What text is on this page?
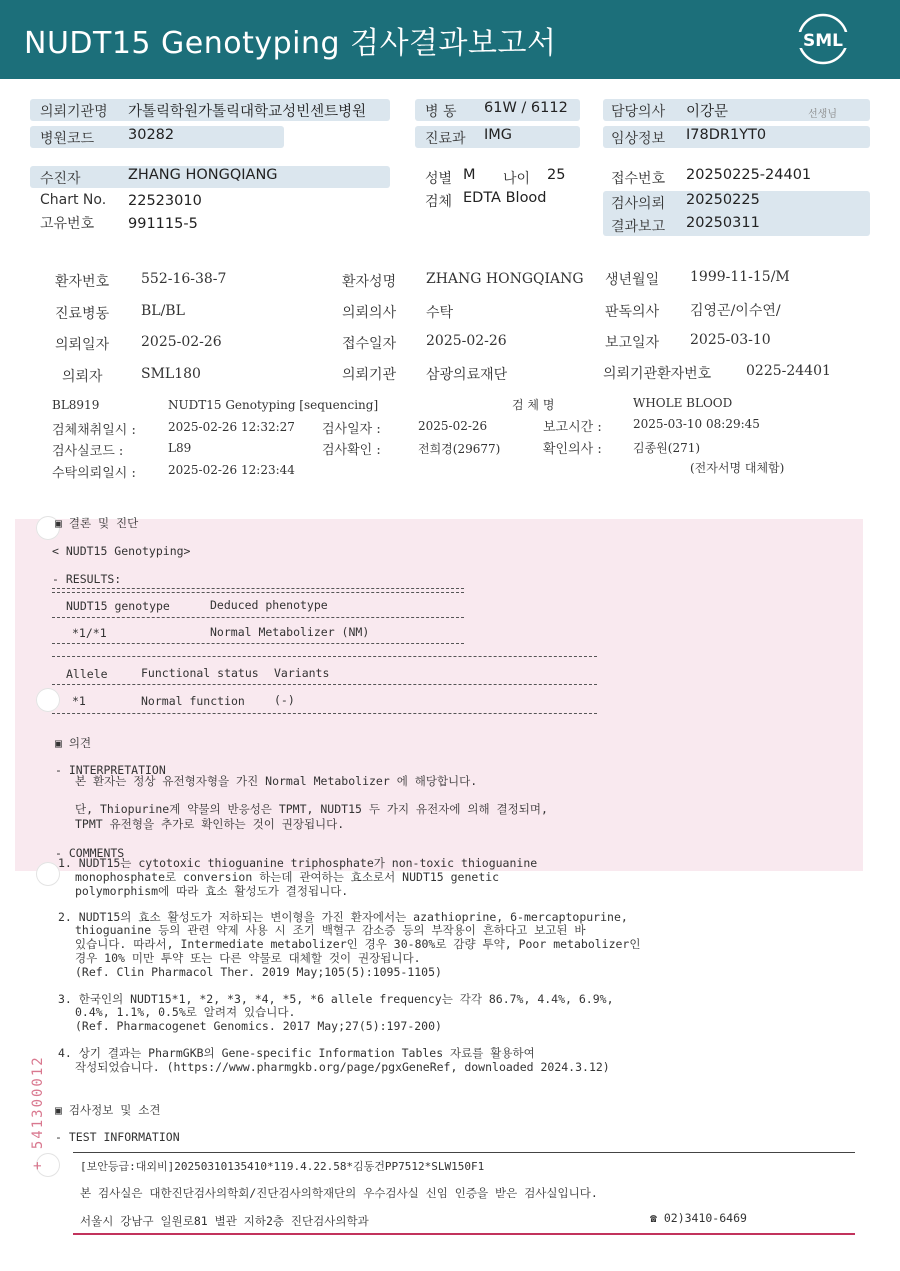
NUDT15 Genotyping 검사결과보고서	SML
의뢰기관명 가톨릭학원가톨릭대학교성빈센트병원
병원코드 30282
병 동 61W / 6112
진료과 IMG
담당의사 이강문	선생님
임상정보 I78DR1YT0
수진자	ZHANG HONGQIANG
Chart No. 22523010
고유번호 991115-5
성별 M 나이 25
검체 EDTA Blood
접수번호 20250225-24401
검사의뢰 20250225
결과보고 20250311
환자번호 552-16-38-7	환자성명 ZHANG HONGQIANG 생년월일 1999-11-15/M
진료병동 BL/BL	의뢰의사 수탁	판독의사 김영곤/이수연/
의뢰일자 2025-02-26	접수일자 2025-02-26	보고일자 2025-03-10
의뢰자	SML180	의뢰기관 삼광의료재단	의뢰기관환자번호 0225-24401
BL8919	NUDT15 Genotyping [sequencing]	검 체 명	WHOLE BLOOD
검체채취일시 :	2025-02-26 12:32:27 검사일자 :	2025-02-26	보고시간 :	2025-03-10 08:29:45
검사실코드 :	L89	검사확인 :	전희경(29677)	확인의사 :	김종원(271)
수탁의뢰일시 :	2025-02-26 12:23:44	(전자서명 대체함)
▣ 결론 및 진단
< NUDT15 Genotyping>
- RESULTS:
NUDT15 genotype	Deduced phenotype
*1/*1	Normal Metabolizer (NM)
Allele	Functional status Variants
*1	Normal function	(-)
▣ 의견
- INTERPRETATION
본 환자는 정상 유전형자형을 가진 Normal Metabolizer 에 해당합니다.
단, Thiopurine계 약물의 반응성은 TPMT, NUDT15 두 가지 유전자에 의해 결정되며,
TPMT 유전형을 추가로 확인하는 것이 권장됩니다.
- COMMENTS
1. NUDT15는 cytotoxic thioguanine triphosphate가 non-toxic thioguanine
monophosphate로 conversion 하는데 관여하는 효소로서 NUDT15 genetic
polymorphism에 따라 효소 활성도가 결정됩니다.
2. NUDT15의 효소 활성도가 저하되는 변이형을 가진 환자에서는 azathioprine, 6-mercaptopurine,
thioguanine 등의 관련 약제 사용 시 조기 백혈구 감소증 등의 부작용이 흔하다고 보고된 바
있습니다. 따라서, Intermediate metabolizer인 경우 30-80%로 감량 투약, Poor metabolizer인
경우 10% 미만 투약 또는 다른 약물로 대체할 것이 권장됩니다.
(Ref. Clin Pharmacol Ther. 2019 May;105(5):1095-1105)
3. 한국인의 NUDT15*1, *2, *3, *4, *5, *6 allele frequency는 각각 86.7%, 4.4%, 6.9%,
0.4%, 1.1%, 0.5%로 알려져 있습니다.
(Ref. Pharmacogenet Genomics. 2017 May;27(5):197-200)
4. 상기 결과는 PharmGKB의 Gene-specific Information Tables 자료를 활용하여
작성되었습니다. (https://www.pharmgkb.org/page/pgxGeneRef, downloaded 2024.3.12)
▣ 검사정보 및 소견
- TEST INFORMATION
+ 541300012	[보안등급:대외비]20250310135410*119.4.22.58*김동건PP7512*SLW150F1
본 검사실은 대한진단검사의학회/진단검사의학재단의 우수검사실 신임 인증을 받은 검사실입니다.
서울시 강남구 일원로81 별관 지하2층 진단검사의학과	☎ 02)3410-6469
